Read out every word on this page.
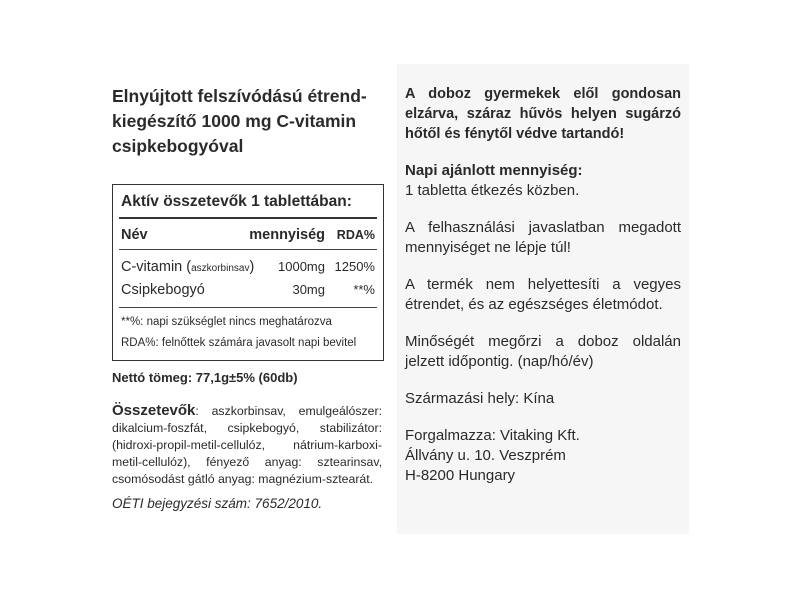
Elnyújtott felszívódású étrend-
kiegészítő 1000 mg C-vitamin
csipkebogyóval

Aktív összetevők 1 tablettában:
Név	mennyiség RDA%
C-vitamin (aszkorbinsav)	1000mg 1250%
Csipkebogyó	30mg	**%
**%: napi szükséglet nincs meghatározva
RDA%: felnőttek számára javasolt napi bevitel
Nettó tömeg: 77,1g±5% (60db)
Összetevők: aszkorbinsav, emulgeálószer: dikalcium-foszfát, csipkebogyó, stabilizátor: (hidroxi-propil-metil-cellulóz, nátrium-karboxi-metil-cellulóz), fényező anyag: sztearinsav, csomósodást gátló anyag: magnézium-sztearát.
OÉTI bejegyzési szám: 7652/2010.

A doboz gyermekek elől gondosan elzárva, száraz hűvös helyen sugárzó hőtől és fénytől védve tartandó!

Napi ajánlott mennyiség:
1 tabletta étkezés közben.

A felhasználási javaslatban megadott mennyiséget ne lépje túl!

A termék nem helyettesíti a vegyes étrendet, és az egészséges életmódot.

Minőségét megőrzi a doboz oldalán jelzett időpontig. (nap/hó/év)

Származási hely: Kína

Forgalmazza: Vitaking Kft.
Állvány u. 10. Veszprém
H-8200 Hungary
